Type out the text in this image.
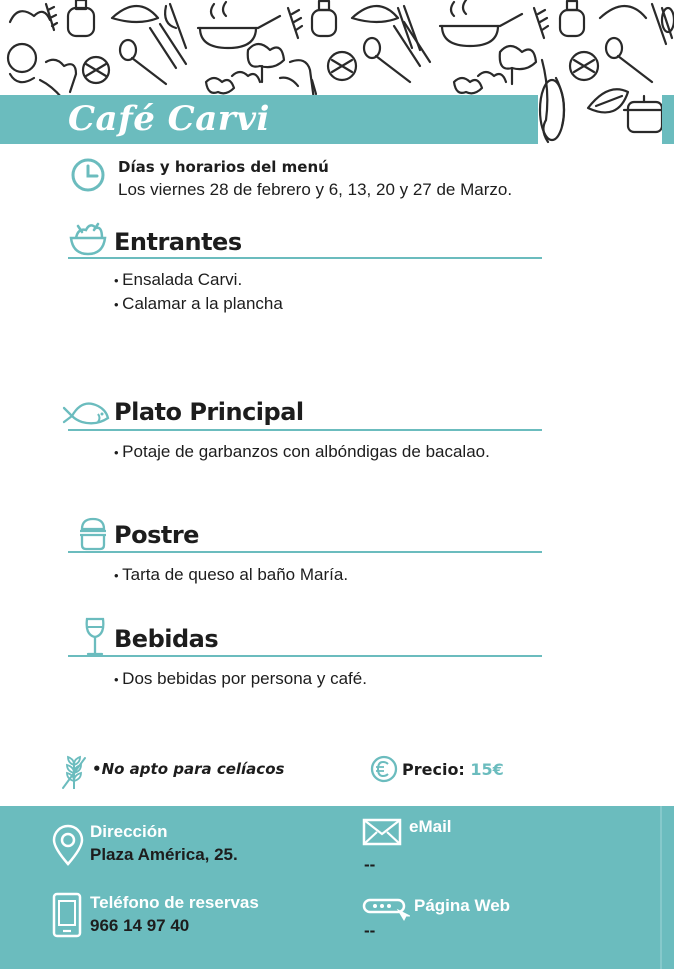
Café Carvi
Días y horarios del menú
Los viernes 28 de febrero y 6, 13, 20 y 27 de Marzo.
Entrantes
• Ensalada Carvi.
• Calamar a la plancha
Plato Principal
• Potaje de garbanzos con albóndigas de bacalao.
Postre
• Tarta de queso al baño María.
Bebidas
• Dos bebidas por persona y café.
•No apto para celíacos	Precio: 15€
Dirección
Plaza América, 25.
eMail
--
Teléfono de reservas
966 14 97 40
Página Web
--
